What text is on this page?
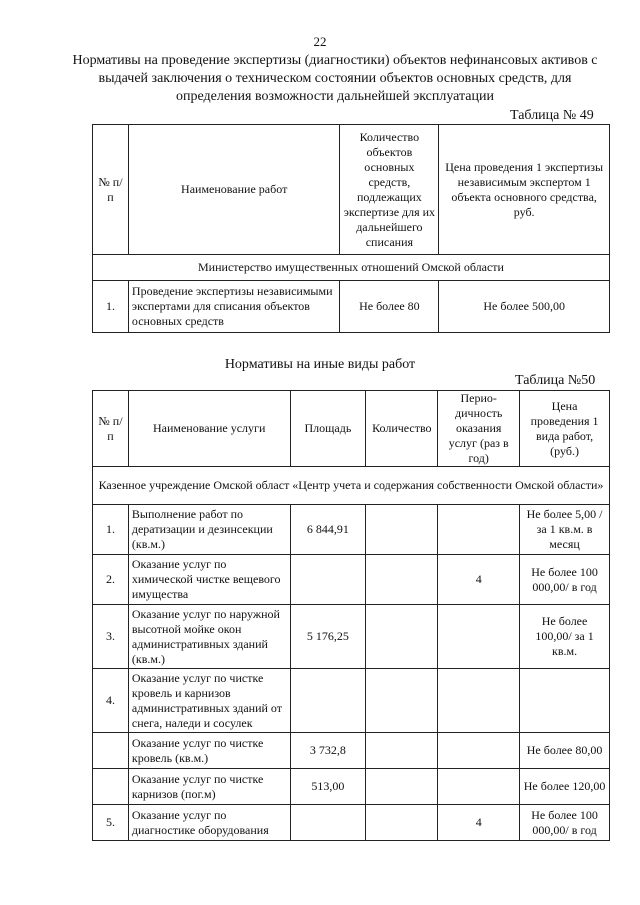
22
Нормативы на проведение экспертизы (диагностики) объектов нефинансовых активов с выдачей заключения о техническом состоянии объектов основных средств, для определения возможности дальнейшей эксплуатации
Таблица № 49
№ п/п	Наименование работ	Количество объектов основных средств, подлежащих экспертизе для их дальнейшего списания	Цена проведения 1 экспертизы независимым экспертом 1 объекта основного средства, руб.
Министерство имущественных отношений Омской области			
1.	Проведение экспертизы независимыми экспертами для списания объектов основных средств	Не более 80	Не более 500,00
Нормативы на иные виды работ
Таблица №50
№ п/п	Наименование услуги	Площадь	Количество	Перио-дичность оказания услуг (раз в год)	Цена проведения 1 вида работ, (руб.)
Казенное учреждение Омской област «Центр учета и содержания собственности Омской области»					
1.	Выполнение работ по дератизации и дезинсекции (кв.м.)	6 844,91			Не более 5,00 / за 1 кв.м. в месяц
2.	Оказание услуг по химической чистке вещевого имущества			4	Не более 100 000,00/ в год
3.	Оказание услуг по наружной высотной мойке окон административных зданий (кв.м.)	5 176,25			Не более 100,00/ за 1 кв.м.
4.	Оказание услуг по чистке кровель и карнизов административных зданий от снега, наледи и сосулек				
	Оказание услуг по чистке кровель (кв.м.)	3 732,8			Не более 80,00
	Оказание услуг по чистке карнизов (пог.м)	513,00			Не более 120,00
5.	Оказание услуг по диагностике оборудования			4	Не более 100 000,00/ в год
